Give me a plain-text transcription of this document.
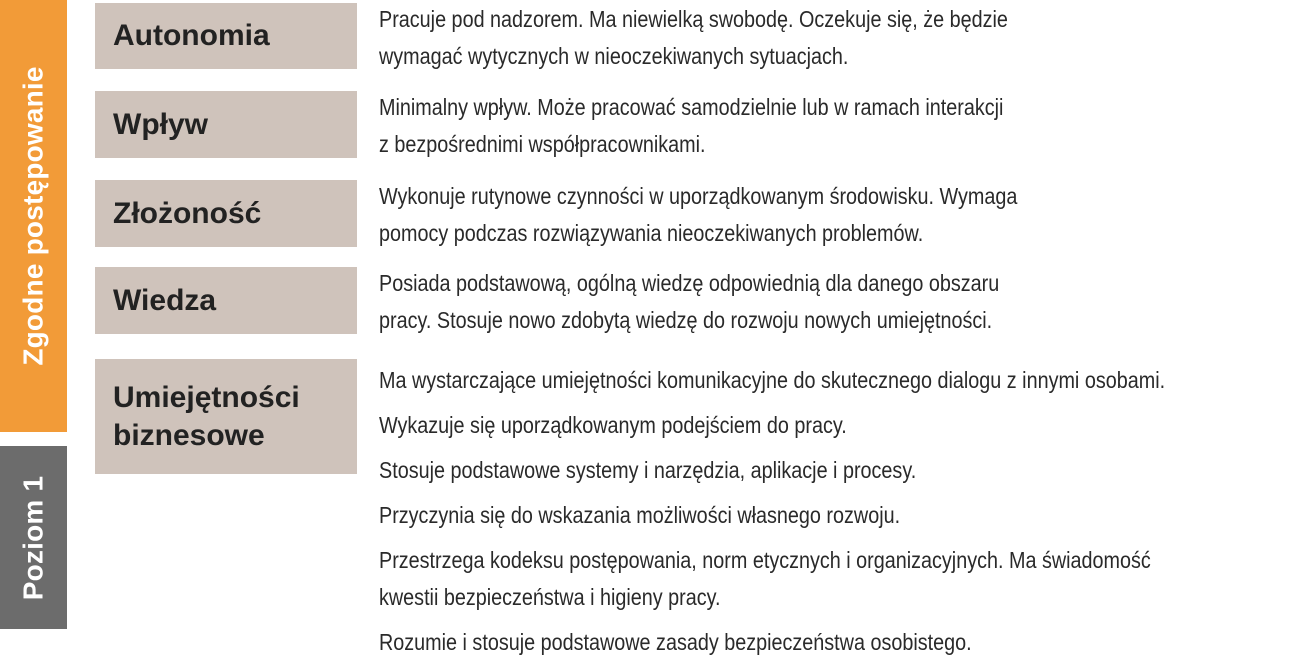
Zgodne postępowanie
Poziom 1
Autonomia	Pracuje pod nadzorem. Ma niewielką swobodę. Oczekuje się, że będzie
wymagać wytycznych w nieoczekiwanych sytuacjach.
Wpływ
Minimalny wpływ. Może pracować samodzielnie lub w ramach interakcji
z bezpośrednimi współpracownikami.
Złożoność
Wykonuje rutynowe czynności w uporządkowanym środowisku. Wymaga
pomocy podczas rozwiązywania nieoczekiwanych problemów.
Wiedza
Posiada podstawową, ogólną wiedzę odpowiednią dla danego obszaru
pracy. Stosuje nowo zdobytą wiedzę do rozwoju nowych umiejętności.
Umiejętności
biznesowe
Ma wystarczające umiejętności komunikacyjne do skutecznego dialogu z innymi osobami.
Wykazuje się uporządkowanym podejściem do pracy.
Stosuje podstawowe systemy i narzędzia, aplikacje i procesy.
Przyczynia się do wskazania możliwości własnego rozwoju.
Przestrzega kodeksu postępowania, norm etycznych i organizacyjnych. Ma świadomość
kwestii bezpieczeństwa i higieny pracy.
Rozumie i stosuje podstawowe zasady bezpieczeństwa osobistego.
